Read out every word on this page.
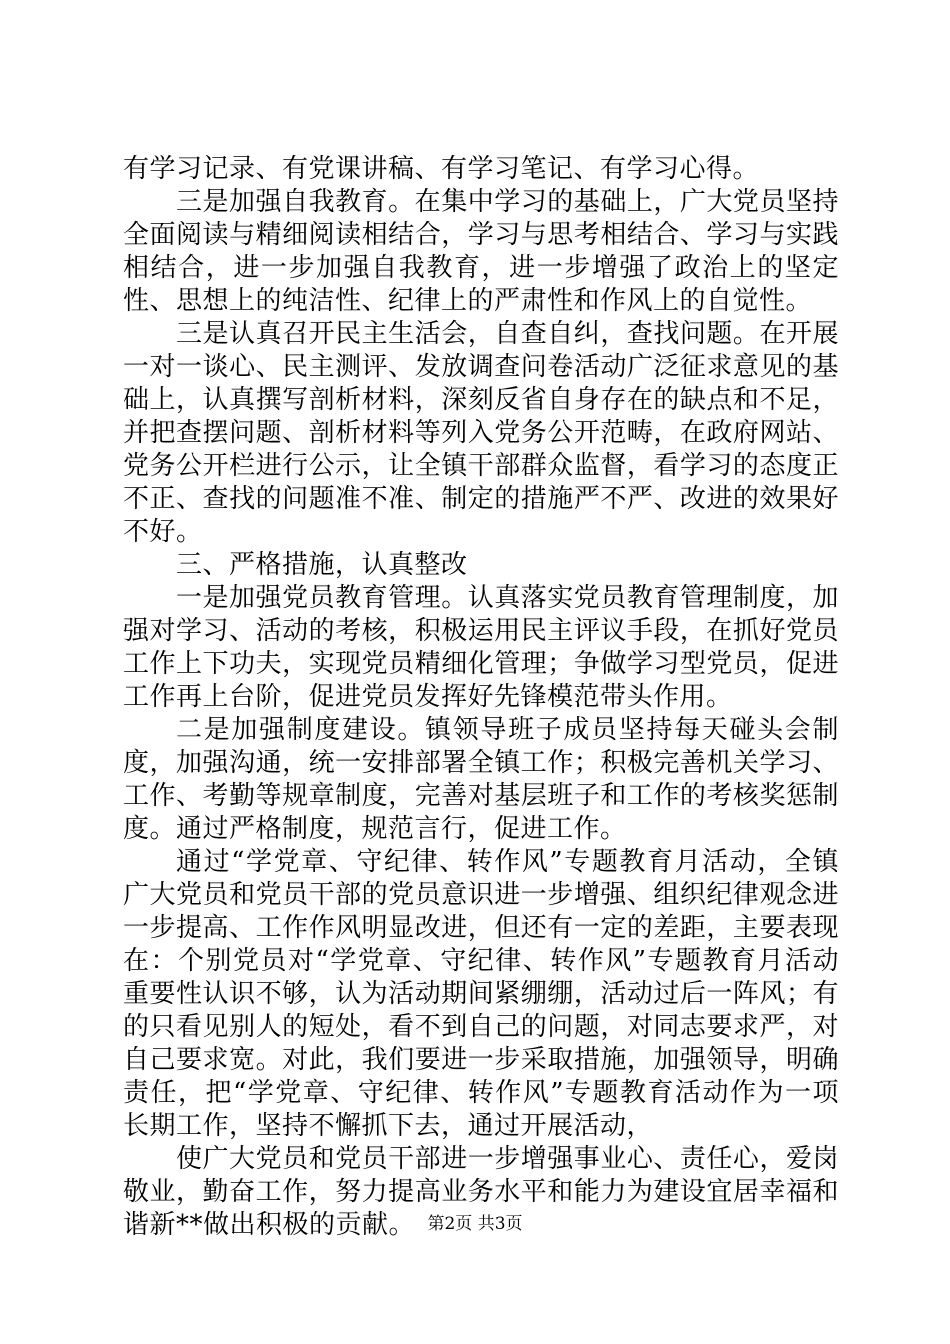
有学习记录、有党课讲稿、有学习笔记、有学习心得。

三是加强自我教育。在集中学习的基础上，广大党员坚持全面阅读与精细阅读相结合，学习与思考相结合、学习与实践相结合，进一步加强自我教育，进一步增强了政治上的坚定性、思想上的纯洁性、纪律上的严肃性和作风上的自觉性。

三是认真召开民主生活会，自查自纠，查找问题。在开展一对一谈心、民主测评、发放调查问卷活动广泛征求意见的基础上，认真撰写剖析材料，深刻反省自身存在的缺点和不足，并把查摆问题、剖析材料等列入党务公开范畴，在政府网站、党务公开栏进行公示，让全镇干部群众监督，看学习的态度正不正、查找的问题准不准、制定的措施严不严、改进的效果好不好。

三、严格措施，认真整改

一是加强党员教育管理。认真落实党员教育管理制度，加强对学习、活动的考核，积极运用民主评议手段，在抓好党员工作上下功夫，实现党员精细化管理；争做学习型党员，促进工作再上台阶，促进党员发挥好先锋模范带头作用。

二是加强制度建设。镇领导班子成员坚持每天碰头会制度，加强沟通，统一安排部署全镇工作；积极完善机关学习、工作、考勤等规章制度，完善对基层班子和工作的考核奖惩制度。通过严格制度，规范言行，促进工作。

通过“学党章、守纪律、转作风”专题教育月活动，全镇广大党员和党员干部的党员意识进一步增强、组织纪律观念进一步提高、工作作风明显改进，但还有一定的差距，主要表现在：个别党员对“学党章、守纪律、转作风”专题教育月活动重要性认识不够，认为活动期间紧绷绷，活动过后一阵风；有的只看见别人的短处，看不到自己的问题，对同志要求严，对自己要求宽。对此，我们要进一步采取措施，加强领导，明确责任，把“学党章、守纪律、转作风”专题教育活动作为一项长期工作，坚持不懈抓下去，通过开展活动，

使广大党员和党员干部进一步增强事业心、责任心，爱岗敬业，勤奋工作，努力提高业务水平和能力为建设宜居幸福和谐新**做出积极的贡献。 第2页 共3页
